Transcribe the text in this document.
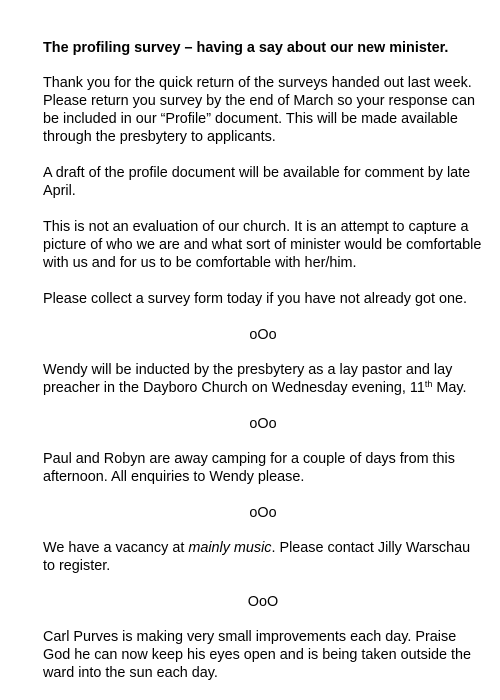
The profiling survey – having a say about our new minister.

Thank you for the quick return of the surveys handed out last week. Please return you survey by the end of March so your response can be included in our “Profile” document. This will be made available through the presbytery to applicants.

A draft of the profile document will be available for comment by late April.

This is not an evaluation of our church. It is an attempt to capture a picture of who we are and what sort of minister would be comfortable with us and for us to be comfortable with her/him.

Please collect a survey form today if you have not already got one.

oOo

Wendy will be inducted by the presbytery as a lay pastor and lay preacher in the Dayboro Church on Wednesday evening, 11th May.

oOo

Paul and Robyn are away camping for a couple of days from this afternoon. All enquiries to Wendy please.

oOo

We have a vacancy at mainly music. Please contact Jilly Warschau to register.

OoO

Carl Purves is making very small improvements each day. Praise God he can now keep his eyes open and is being taken outside the ward into the sun each day.
